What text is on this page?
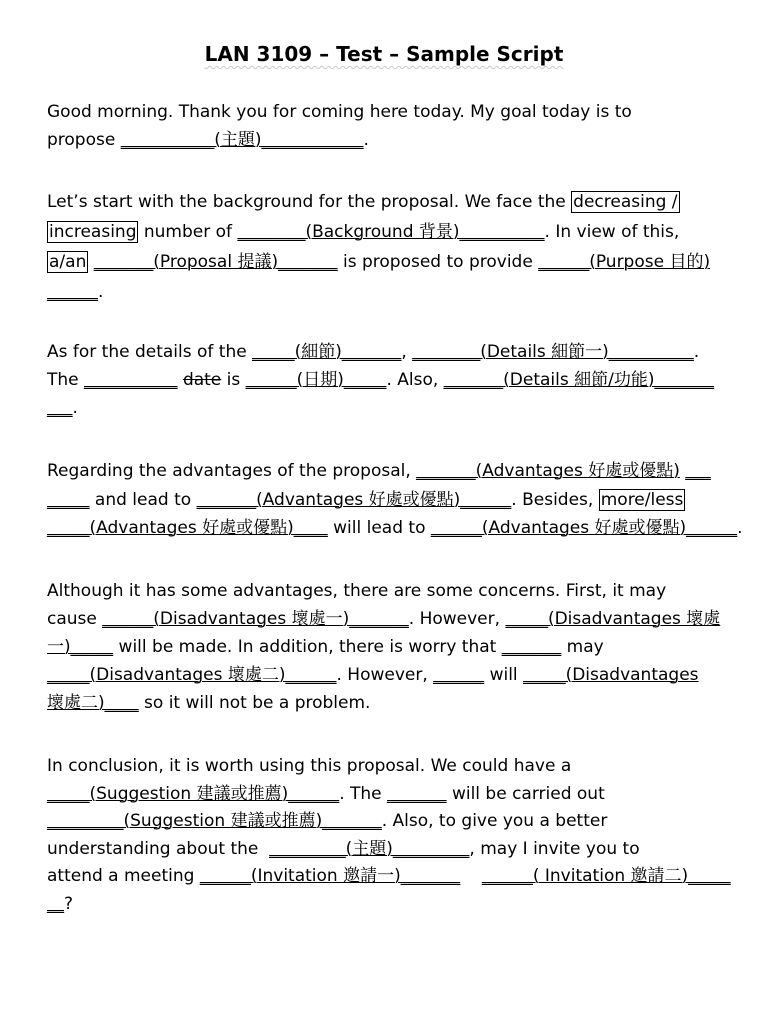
LAN 3109 – Test – Sample Script
Good morning. Thank you for coming here today. My goal today is to
propose ___________(主題)____________.
Let’s start with the background for the proposal. We face the decreasing /
increasing number of ________(Background 背景)__________. In view of this,
a/an _______(Proposal 提議)_______ is proposed to provide ______(Purpose 目的)
______.
As for the details of the _____(細節)_______, ________(Details 細節一)__________.
The ___________ date is ______(日期)_____. Also, _______(Details 細節/功能)_______
___.
Regarding the advantages of the proposal, _______(Advantages 好處或優點) ___
_____ and lead to _______(Advantages 好處或優點)______. Besides, more/less
_____(Advantages 好處或優點)____ will lead to ______(Advantages 好處或優點)______.
Although it has some advantages, there are some concerns. First, it may
cause ______(Disadvantages 壞處一)_______. However, _____(Disadvantages 壞處
一)_____ will be made. In addition, there is worry that _______ may
_____(Disadvantages 壞處二)______. However, ______ will _____(Disadvantages
壞處二)____ so it will not be a problem.
In conclusion, it is worth using this proposal. We could have a
_____(Suggestion 建議或推薦)______. The _______ will be carried out
_________(Suggestion 建議或推薦)_______. Also, to give you a better
understanding about the  _________(主題)_________, may I invite you to
attend a meeting ______(Invitation 邀請一)_______ ______( Invitation 邀請二)_____
__?
